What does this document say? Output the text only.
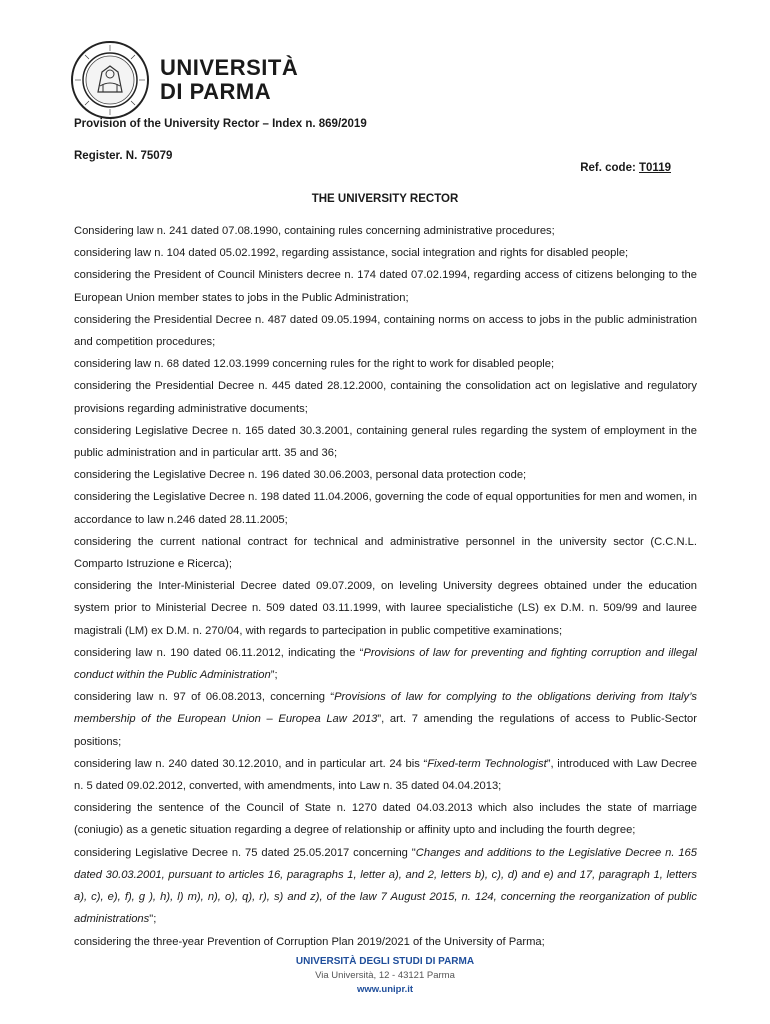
UNIVERSITÀ
DI PARMA
Provision of the University Rector – Index n. 869/2019
Register. N. 75079
Ref. code: T0119
THE UNIVERSITY RECTOR

Considering law n. 241 dated 07.08.1990, containing rules concerning administrative procedures;

considering law n. 104 dated 05.02.1992, regarding assistance, social integration and rights for disabled people;

considering the President of Council Ministers decree n. 174 dated 07.02.1994, regarding access of citizens belonging to the European Union member states to jobs in the Public Administration;

considering the Presidential Decree n. 487 dated 09.05.1994, containing norms on access to jobs in the public administration and competition procedures;

considering law n. 68 dated 12.03.1999 concerning rules for the right to work for disabled people;

considering the Presidential Decree n. 445 dated 28.12.2000, containing the consolidation act on legislative and regulatory provisions regarding administrative documents;

considering Legislative Decree n. 165 dated 30.3.2001, containing general rules regarding the system of employment in the public administration and in particular artt. 35 and 36;

considering the Legislative Decree n. 196 dated 30.06.2003, personal data protection code;

considering the Legislative Decree n. 198 dated 11.04.2006, governing the code of equal opportunities for men and women, in accordance to law n.246 dated 28.11.2005;

considering the current national contract for technical and administrative personnel in the university sector (C.C.N.L. Comparto Istruzione e Ricerca);

considering the Inter-Ministerial Decree dated 09.07.2009, on leveling University degrees obtained under the education system prior to Ministerial Decree n. 509 dated 03.11.1999, with lauree specialistiche (LS) ex D.M. n. 509/99 and lauree magistrali (LM) ex D.M. n. 270/04, with regards to partecipation in public competitive examinations;

considering law n. 190 dated 06.11.2012, indicating the “Provisions of law for preventing and fighting corruption and illegal conduct within the Public Administration”;

considering law n. 97 of 06.08.2013, concerning “Provisions of law for complying to the obligations deriving from Italy’s membership of the European Union – Europea Law 2013”, art. 7 amending the regulations of access to Public-Sector positions;

considering law n. 240 dated 30.12.2010, and in particular art. 24 bis “Fixed-term Technologist”, introduced with Law Decree n. 5 dated 09.02.2012, converted, with amendments, into Law n. 35 dated 04.04.2013;

considering the sentence of the Council of State n. 1270 dated 04.03.2013 which also includes the state of marriage (coniugio) as a genetic situation regarding a degree of relationship or affinity upto and including the fourth degree;

considering Legislative Decree n. 75 dated 25.05.2017 concerning "Changes and additions to the Legislative Decree n. 165 dated 30.03.2001, pursuant to articles 16, paragraphs 1, letter a), and 2, letters b), c), d) and e) and 17, paragraph 1, letters a), c), e), f), g ), h), l) m), n), o), q), r), s) and z), of the law 7 August 2015, n. 124, concerning the reorganization of public administrations";

considering the three-year Prevention of Corruption Plan 2019/2021 of the University of Parma;

UNIVERSITÀ DEGLI STUDI DI PARMA
Via Università, 12 - 43121 Parma
www.unipr.it
